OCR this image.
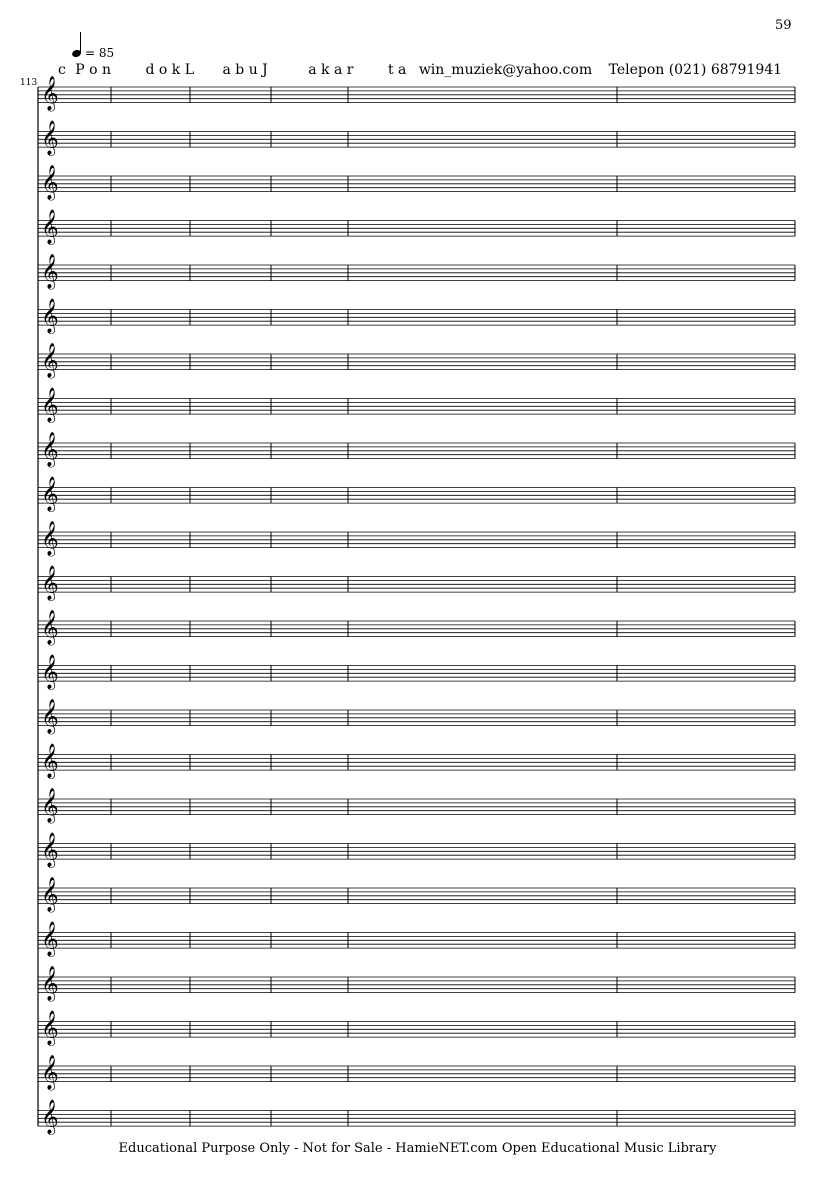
59
113
= 85
c P o n d o k L a b u J	a k a r t a win_muziek@yahoo.com Telepon (021) 68791941
𝄞
𝄞
𝄞
𝄞
𝄞
𝄞
𝄞
𝄞
𝄞
𝄞
𝄞
𝄞
𝄞
𝄞
𝄞
𝄞
𝄞
𝄞
𝄞
𝄞
𝄞
𝄞
𝄞
𝄞
Educational Purpose Only - Not for Sale - HamieNET.com Open Educational Music Library
